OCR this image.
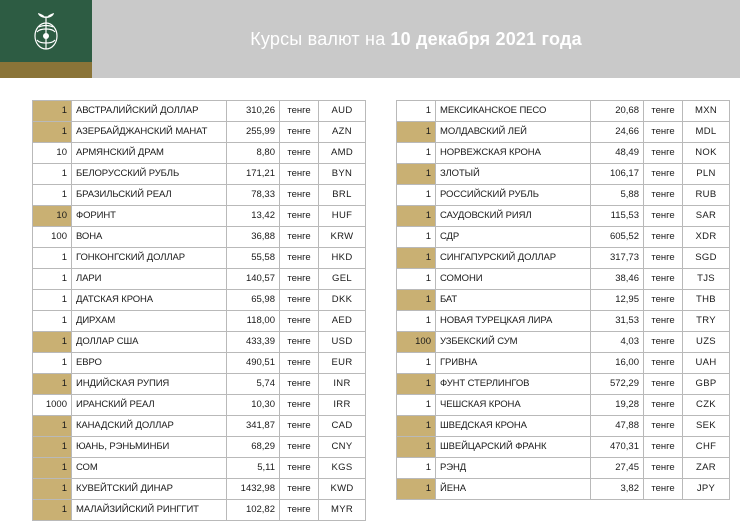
Курсы валют на 10 декабря 2021 года
1	АВСТРАЛИЙСКИЙ ДОЛЛАР	310,26	тенге	AUD
1	АЗЕРБАЙДЖАНСКИЙ МАНАТ	255,99	тенге	AZN
10	АРМЯНСКИЙ ДРАМ	8,80	тенге	AMD
1	БЕЛОРУССКИЙ РУБЛЬ	171,21	тенге	BYN
1	БРАЗИЛЬСКИЙ РЕАЛ	78,33	тенге	BRL
10	ФОРИНТ	13,42	тенге	HUF
100	ВОНА	36,88	тенге	KRW
1	ГОНКОНГСКИЙ ДОЛЛАР	55,58	тенге	HKD
1	ЛАРИ	140,57	тенге	GEL
1	ДАТСКАЯ КРОНА	65,98	тенге	DKK
1	ДИРХАМ	118,00	тенге	AED
1	ДОЛЛАР США	433,39	тенге	USD
1	ЕВРО	490,51	тенге	EUR
1	ИНДИЙСКАЯ РУПИЯ	5,74	тенге	INR
1000	ИРАНСКИЙ РЕАЛ	10,30	тенге	IRR
1	КАНАДСКИЙ ДОЛЛАР	341,87	тенге	CAD
1	ЮАНЬ, РЭНЬМИНБИ	68,29	тенге	CNY
1	СОМ	5,11	тенге	KGS
1	КУВЕЙТСКИЙ ДИНАР	1432,98	тенге	KWD
1	МАЛАЙЗИЙСКИЙ РИНГГИТ	102,82	тенге	MYR
1	МЕКСИКАНСКОЕ ПЕСО	20,68	тенге	MXN
1	МОЛДАВСКИЙ ЛЕЙ	24,66	тенге	MDL
1	НОРВЕЖСКАЯ КРОНА	48,49	тенге	NOK
1	ЗЛОТЫЙ	106,17	тенге	PLN
1	РОССИЙСКИЙ РУБЛЬ	5,88	тенге	RUB
1	САУДОВСКИЙ РИЯЛ	115,53	тенге	SAR
1	СДР	605,52	тенге	XDR
1	СИНГАПУРСКИЙ ДОЛЛАР	317,73	тенге	SGD
1	СОМОНИ	38,46	тенге	TJS
1	БАТ	12,95	тенге	THB
1	НОВАЯ ТУРЕЦКАЯ ЛИРА	31,53	тенге	TRY
100	УЗБЕКСКИЙ СУМ	4,03	тенге	UZS
1	ГРИВНА	16,00	тенге	UAH
1	ФУНТ СТЕРЛИНГОВ	572,29	тенге	GBP
1	ЧЕШСКАЯ КРОНА	19,28	тенге	CZK
1	ШВЕДСКАЯ КРОНА	47,88	тенге	SEK
1	ШВЕЙЦАРСКИЙ ФРАНК	470,31	тенге	CHF
1	РЭНД	27,45	тенге	ZAR
1	ЙЕНА	3,82	тенге	JPY
